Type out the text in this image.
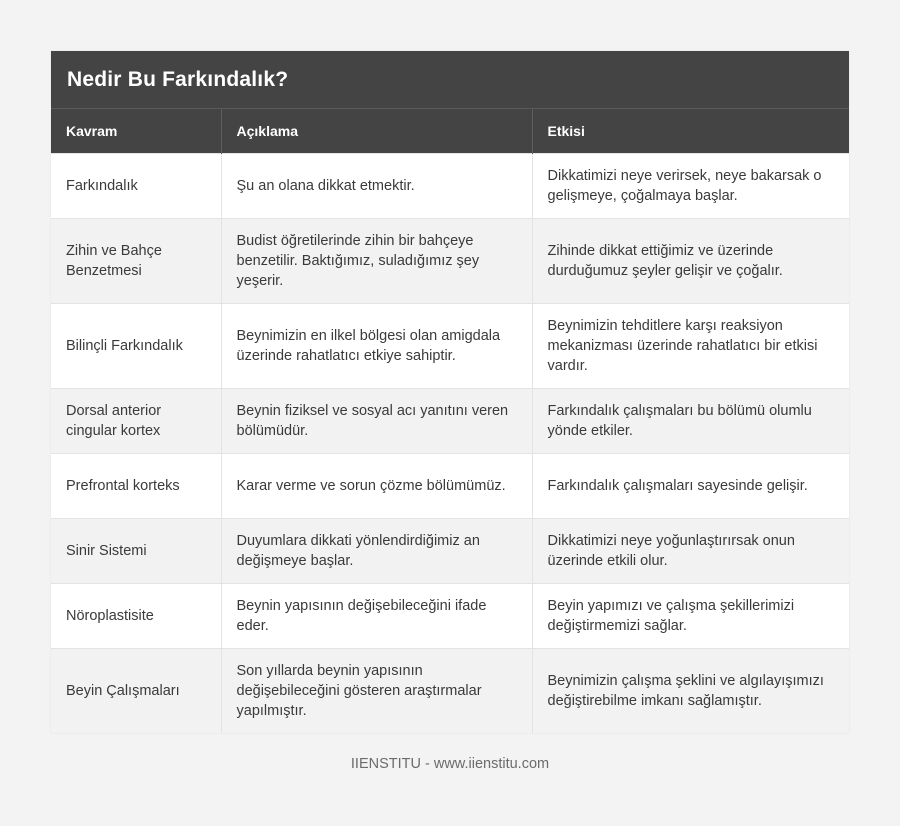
Nedir Bu Farkındalık?
Kavram	Açıklama	Etkisi
Farkındalık	Şu an olana dikkat etmektir.	Dikkatimizi neye verirsek, neye bakarsak o gelişmeye, çoğalmaya başlar.
Zihin ve Bahçe Benzetmesi	Budist öğretilerinde zihin bir bahçeye benzetilir. Baktığımız, suladığımız şey yeşerir.	Zihinde dikkat ettiğimiz ve üzerinde durduğumuz şeyler gelişir ve çoğalır.
Bilinçli Farkındalık	Beynimizin en ilkel bölgesi olan amigdala üzerinde rahatlatıcı etkiye sahiptir.	Beynimizin tehditlere karşı reaksiyon mekanizması üzerinde rahatlatıcı bir etkisi vardır.
Dorsal anterior cingular kortex	Beynin fiziksel ve sosyal acı yanıtını veren bölümüdür.	Farkındalık çalışmaları bu bölümü olumlu yönde etkiler.
Prefrontal korteks	Karar verme ve sorun çözme bölümümüz.	Farkındalık çalışmaları sayesinde gelişir.
Sinir Sistemi	Duyumlara dikkati yönlendirdiğimiz an değişmeye başlar.	Dikkatimizi neye yoğunlaştırırsak onun üzerinde etkili olur.
Nöroplastisite	Beynin yapısının değişebileceğini ifade eder.	Beyin yapımızı ve çalışma şekillerimizi değiştirmemizi sağlar.
Beyin Çalışmaları	Son yıllarda beynin yapısının değişebileceğini gösteren araştırmalar yapılmıştır.	Beynimizin çalışma şeklini ve algılayışımızı değiştirebilme imkanı sağlamıştır.
IIENSTITU - www.iienstitu.com
